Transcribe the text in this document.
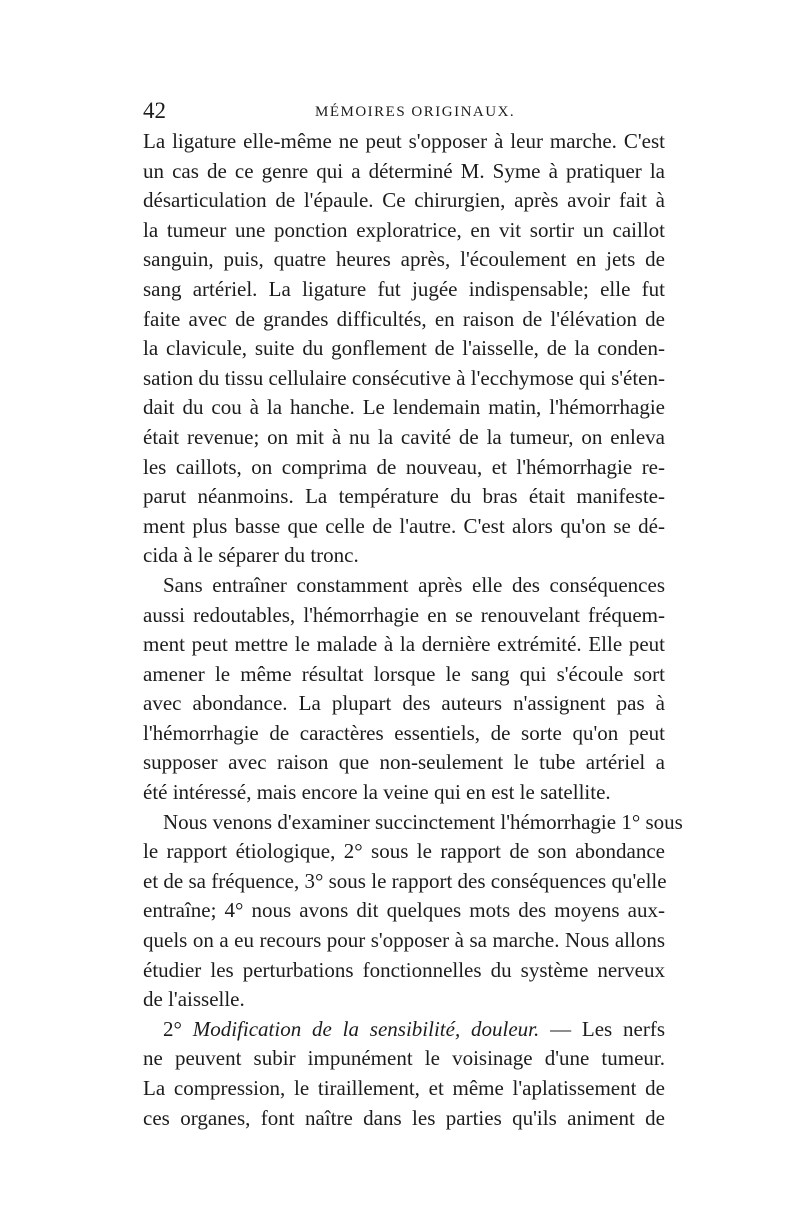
42	MÉMOIRES ORIGINAUX.
La ligature elle-même ne peut s'opposer à leur marche. C'est
un cas de ce genre qui a déterminé M. Syme à pratiquer la
désarticulation de l'épaule. Ce chirurgien, après avoir fait à
la tumeur une ponction exploratrice, en vit sortir un caillot
sanguin, puis, quatre heures après, l'écoulement en jets de
sang artériel. La ligature fut jugée indispensable; elle fut
faite avec de grandes difficultés, en raison de l'élévation de
la clavicule, suite du gonflement de l'aisselle, de la conden-
sation du tissu cellulaire consécutive à l'ecchymose qui s'éten-
dait du cou à la hanche. Le lendemain matin, l'hémorrhagie
était revenue; on mit à nu la cavité de la tumeur, on enleva
les caillots, on comprima de nouveau, et l'hémorrhagie re-
parut néanmoins. La température du bras était manifeste-
ment plus basse que celle de l'autre. C'est alors qu'on se dé-
cida à le séparer du tronc.
Sans entraîner constamment après elle des conséquences
aussi redoutables, l'hémorrhagie en se renouvelant fréquem-
ment peut mettre le malade à la dernière extrémité. Elle peut
amener le même résultat lorsque le sang qui s'écoule sort
avec abondance. La plupart des auteurs n'assignent pas à
l'hémorrhagie de caractères essentiels, de sorte qu'on peut
supposer avec raison que non-seulement le tube artériel a
été intéressé, mais encore la veine qui en est le satellite.
Nous venons d'examiner succinctement l'hémorrhagie 1° sous
le rapport étiologique, 2° sous le rapport de son abondance
et de sa fréquence, 3° sous le rapport des conséquences qu'elle
entraîne; 4° nous avons dit quelques mots des moyens aux-
quels on a eu recours pour s'opposer à sa marche. Nous allons
étudier les perturbations fonctionnelles du système nerveux
de l'aisselle.
2° Modification de la sensibilité, douleur. — Les nerfs
ne peuvent subir impunément le voisinage d'une tumeur.
La compression, le tiraillement, et même l'aplatissement de
ces organes, font naître dans les parties qu'ils animent de
